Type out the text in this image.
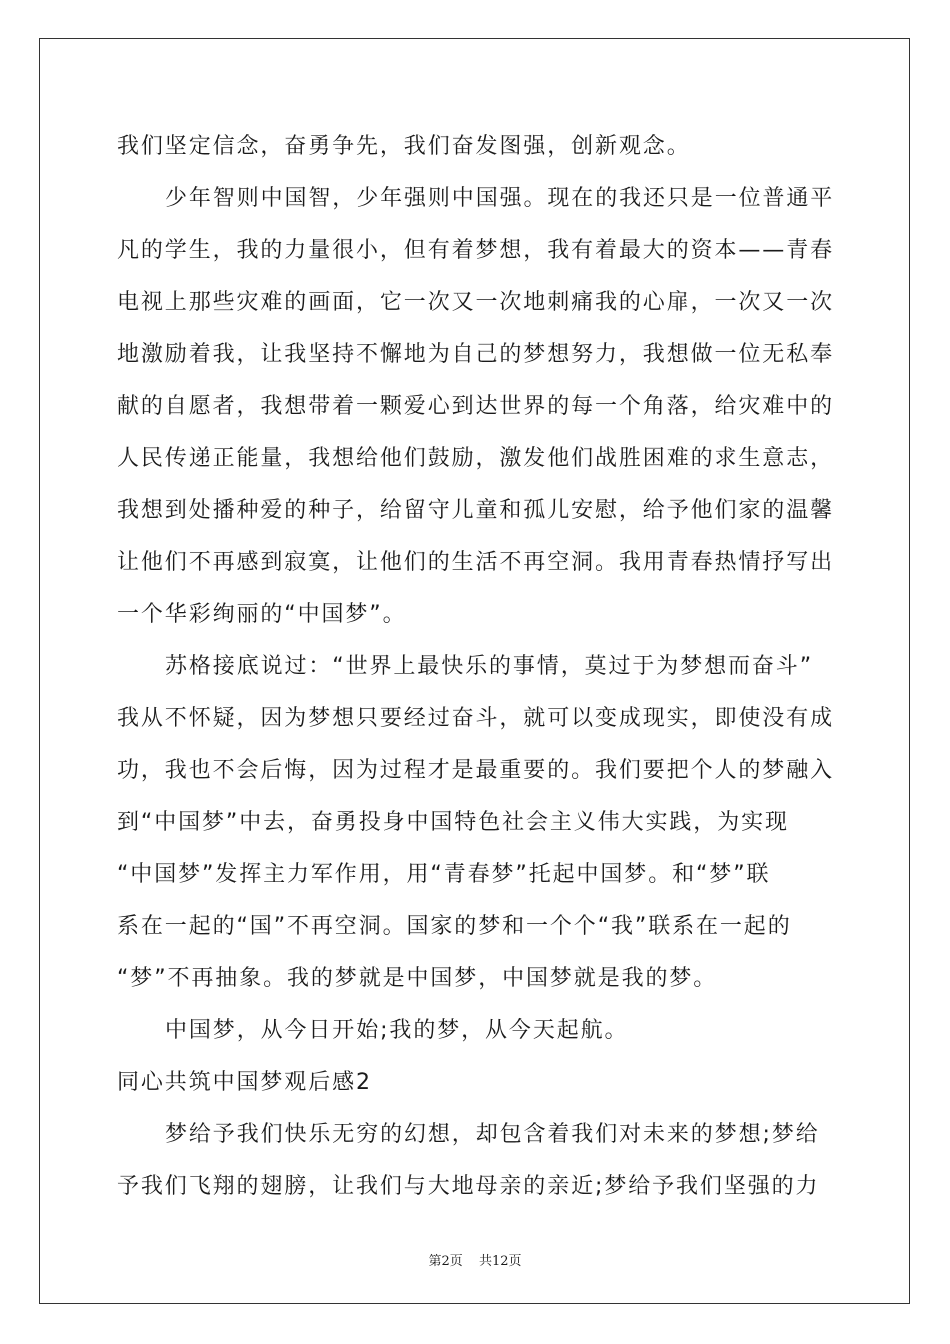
我们坚定信念，奋勇争先，我们奋发图强，创新观念。
少年智则中国智，少年强则中国强。现在的我还只是一位普通平
凡的学生，我的力量很小，但有着梦想，我有着最大的资本——青春
电视上那些灾难的画面，它一次又一次地刺痛我的心扉，一次又一次
地激励着我，让我坚持不懈地为自己的梦想努力，我想做一位无私奉
献的自愿者，我想带着一颗爱心到达世界的每一个角落，给灾难中的
人民传递正能量，我想给他们鼓励，激发他们战胜困难的求生意志，
我想到处播种爱的种子，给留守儿童和孤儿安慰，给予他们家的温馨
让他们不再感到寂寞，让他们的生活不再空洞。我用青春热情抒写出
一个华彩绚丽的“中国梦”。
苏格接底说过：“世界上最快乐的事情，莫过于为梦想而奋斗”
我从不怀疑，因为梦想只要经过奋斗，就可以变成现实，即使没有成
功，我也不会后悔，因为过程才是最重要的。我们要把个人的梦融入
到“中国梦”中去，奋勇投身中国特色社会主义伟大实践，为实现
“中国梦”发挥主力军作用，用“青春梦”托起中国梦。和“梦”联
系在一起的“国”不再空洞。国家的梦和一个个“我”联系在一起的
“梦”不再抽象。我的梦就是中国梦，中国梦就是我的梦。
中国梦，从今日开始;我的梦，从今天起航。
同心共筑中国梦观后感2
梦给予我们快乐无穷的幻想，却包含着我们对未来的梦想;梦给
予我们飞翔的翅膀，让我们与大地母亲的亲近;梦给予我们坚强的力
第2页 共12页
